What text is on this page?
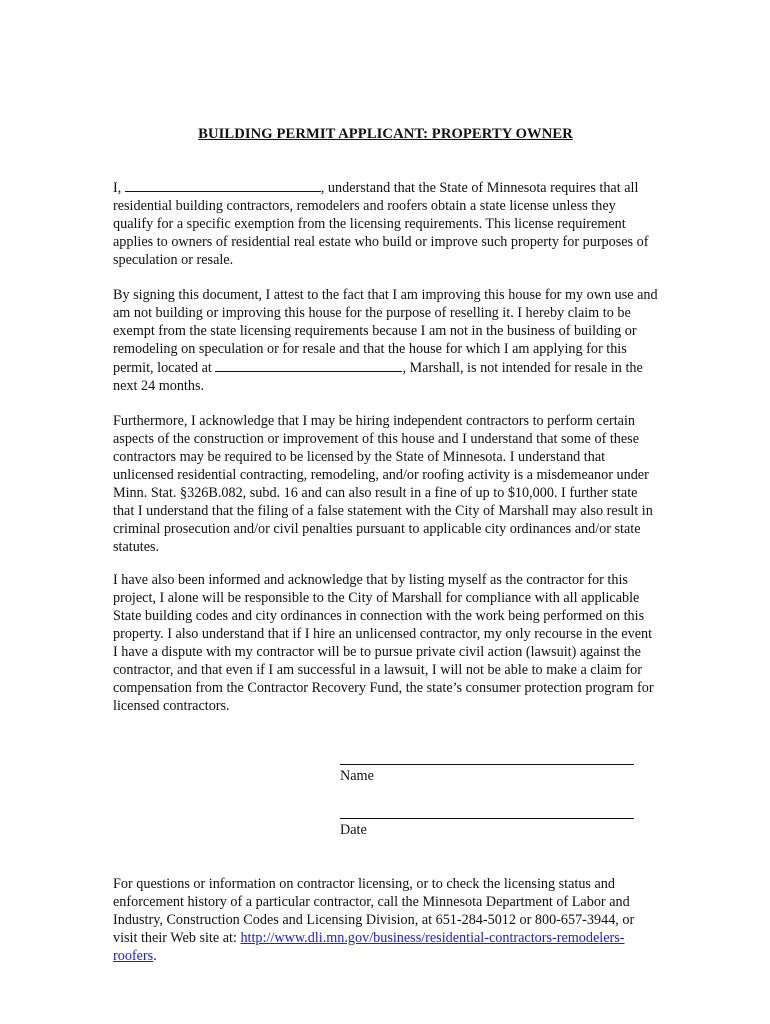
BUILDING PERMIT APPLICANT: PROPERTY OWNER

I,	, understand that the State of Minnesota requires that all residential building contractors, remodelers and roofers obtain a state license unless they qualify for a specific exemption from the licensing requirements. This license requirement applies to owners of residential real estate who build or improve such property for purposes of speculation or resale.

By signing this document, I attest to the fact that I am improving this house for my own use and am not building or improving this house for the purpose of reselling it. I hereby claim to be exempt from the state licensing requirements because I am not in the business of building or remodeling on speculation or for resale and that the house for which I am applying for this permit, located at	, Marshall, is not intended for resale in the next 24 months.

Furthermore, I acknowledge that I may be hiring independent contractors to perform certain aspects of the construction or improvement of this house and I understand that some of these contractors may be required to be licensed by the State of Minnesota. I understand that unlicensed residential contracting, remodeling, and/or roofing activity is a misdemeanor under Minn. Stat. §326B.082, subd. 16 and can also result in a fine of up to $10,000. I further state that I understand that the filing of a false statement with the City of Marshall may also result in criminal prosecution and/or civil penalties pursuant to applicable city ordinances and/or state statutes.

I have also been informed and acknowledge that by listing myself as the contractor for this project, I alone will be responsible to the City of Marshall for compliance with all applicable State building codes and city ordinances in connection with the work being performed on this property. I also understand that if I hire an unlicensed contractor, my only recourse in the event I have a dispute with my contractor will be to pursue private civil action (lawsuit) against the contractor, and that even if I am successful in a lawsuit, I will not be able to make a claim for compensation from the Contractor Recovery Fund, the state’s consumer protection program for licensed contractors.

Name
Date

For questions or information on contractor licensing, or to check the licensing status and enforcement history of a particular contractor, call the Minnesota Department of Labor and Industry, Construction Codes and Licensing Division, at 651-284-5012 or 800-657-3944, or visit their Web site at: http://www.dli.mn.gov/business/residential-contractors-remodelers-roofers.
